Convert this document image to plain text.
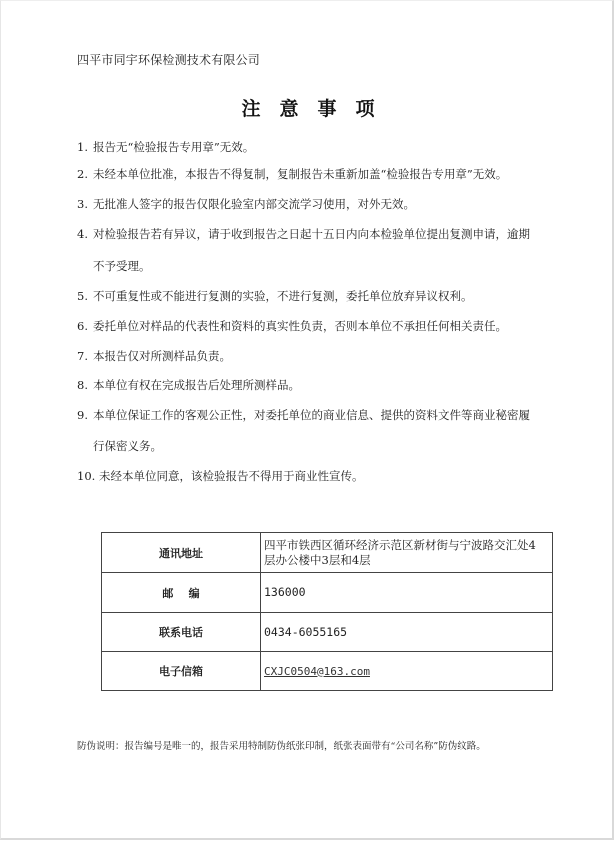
四平市同宇环保检测技术有限公司
注意事项
1. 报告无“检验报告专用章”无效。
2. 未经本单位批准，本报告不得复制，复制报告未重新加盖“检验报告专用章”无效。
3. 无批准人签字的报告仅限化验室内部交流学习使用，对外无效。
4. 对检验报告若有异议，请于收到报告之日起十五日内向本检验单位提出复测申请，逾期
不予受理。
5. 不可重复性或不能进行复测的实验，不进行复测，委托单位放弃异议权利。
6. 委托单位对样品的代表性和资料的真实性负责，否则本单位不承担任何相关责任。
7. 本报告仅对所测样品负责。
8. 本单位有权在完成报告后处理所测样品。
9. 本单位保证工作的客观公正性，对委托单位的商业信息、提供的资料文件等商业秘密履
行保密义务。
10. 未经本单位同意，该检验报告不得用于商业性宣传。
通讯地址	四平市铁西区循环经济示范区新材街与宁波路交汇处4
层办公楼中3层和4层

邮    编	136000
联系电话	0434-6055165
电子信箱	CXJC0504@163.com
防伪说明：报告编号是唯一的，报告采用特制防伪纸张印制，纸张表面带有“公司名称”防伪纹路。
